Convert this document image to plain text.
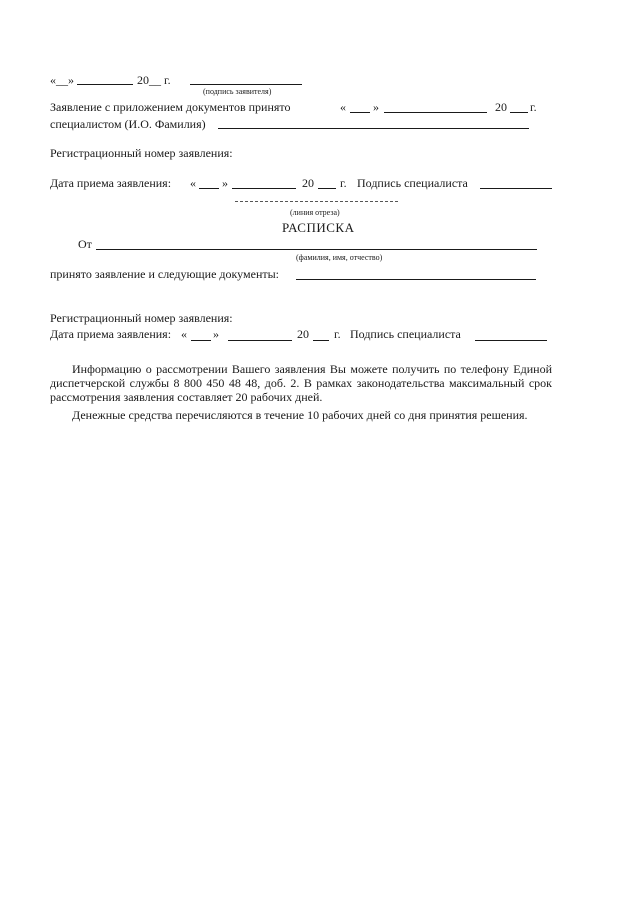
«__»	20__ г.
(подпись заявителя)
Заявление с приложением документов принято	« »	20 г.
специалистом (И.О. Фамилия)
Регистрационный номер заявления:
Дата приема заявления: « »	20 г. Подпись специалиста
(линия отреза)
РАСПИСКА
От
(фамилия, имя, отчество)
принято заявление и следующие документы:
Регистрационный номер заявления:
Дата приема заявления: « »	20 г. Подпись специалиста
Информацию о рассмотрении Вашего заявления Вы можете получить по телефону Единой диспетчерской службы 8 800 450 48 48, доб. 2. В рамках законодательства максимальный срок рассмотрения заявления составляет 20 рабочих дней.
Денежные средства перечисляются в течение 10 рабочих дней со дня принятия решения.
